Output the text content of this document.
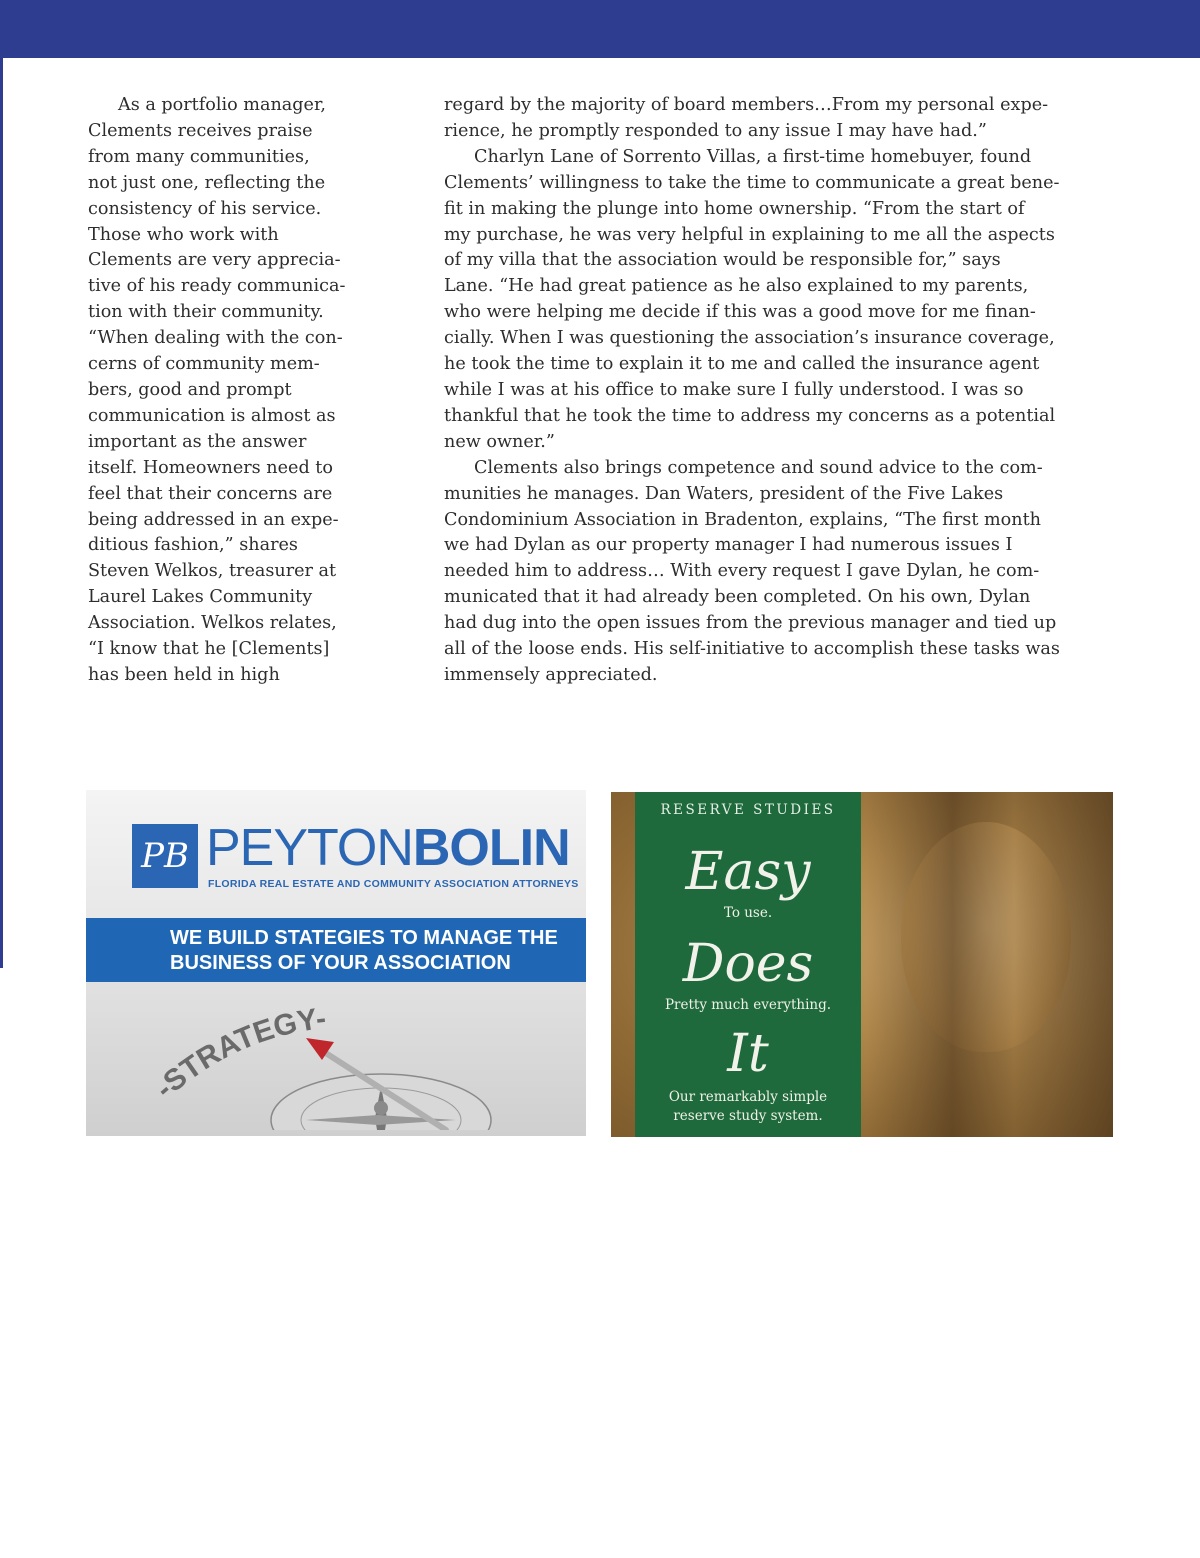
As a portfolio manager,
Clements receives praise
from many communities,
not just one, reflecting the
consistency of his service.
Those who work with
Clements are very apprecia-
tive of his ready communica-
tion with their community.
“When dealing with the con-
cerns of community mem-
bers, good and prompt
communication is almost as
important as the answer
itself. Homeowners need to
feel that their concerns are
being addressed in an expe-
ditious fashion,” shares
Steven Welkos, treasurer at
Laurel Lakes Community
Association. Welkos relates,
“I know that he [Clements]
has been held in high

regard by the majority of board members…From my personal expe-
rience, he promptly responded to any issue I may have had.”

Charlyn Lane of Sorrento Villas, a first-time homebuyer, found
Clements’ willingness to take the time to communicate a great bene-
fit in making the plunge into home ownership. “From the start of
my purchase, he was very helpful in explaining to me all the aspects
of my villa that the association would be responsible for,” says
Lane. “He had great patience as he also explained to my parents,
who were helping me decide if this was a good move for me finan-
cially. When I was questioning the association’s insurance coverage,
he took the time to explain it to me and called the insurance agent
while I was at his office to make sure I fully understood. I was so
thankful that he took the time to address my concerns as a potential
new owner.”

Clements also brings competence and sound advice to the com-
munities he manages. Dan Waters, president of the Five Lakes
Condominium Association in Bradenton, explains, “The first month
we had Dylan as our property manager I had numerous issues I
needed him to address… With every request I gave Dylan, he com-
municated that it had already been completed. On his own, Dylan
had dug into the open issues from the previous manager and tied up
all of the loose ends. His self-initiative to accomplish these tasks was
immensely appreciated.

PB PEYTONBOLIN
FLORIDA REAL ESTATE AND COMMUNITY ASSOCIATION ATTORNEYS
WE BUILD STATEGIES TO MANAGE THE
BUSINESS OF YOUR ASSOCIATION
-STRATEGY-
RESERVE STUDIES
Easy
To use.
Does
Pretty much everything.
It
Our remarkably simple
reserve study system.
